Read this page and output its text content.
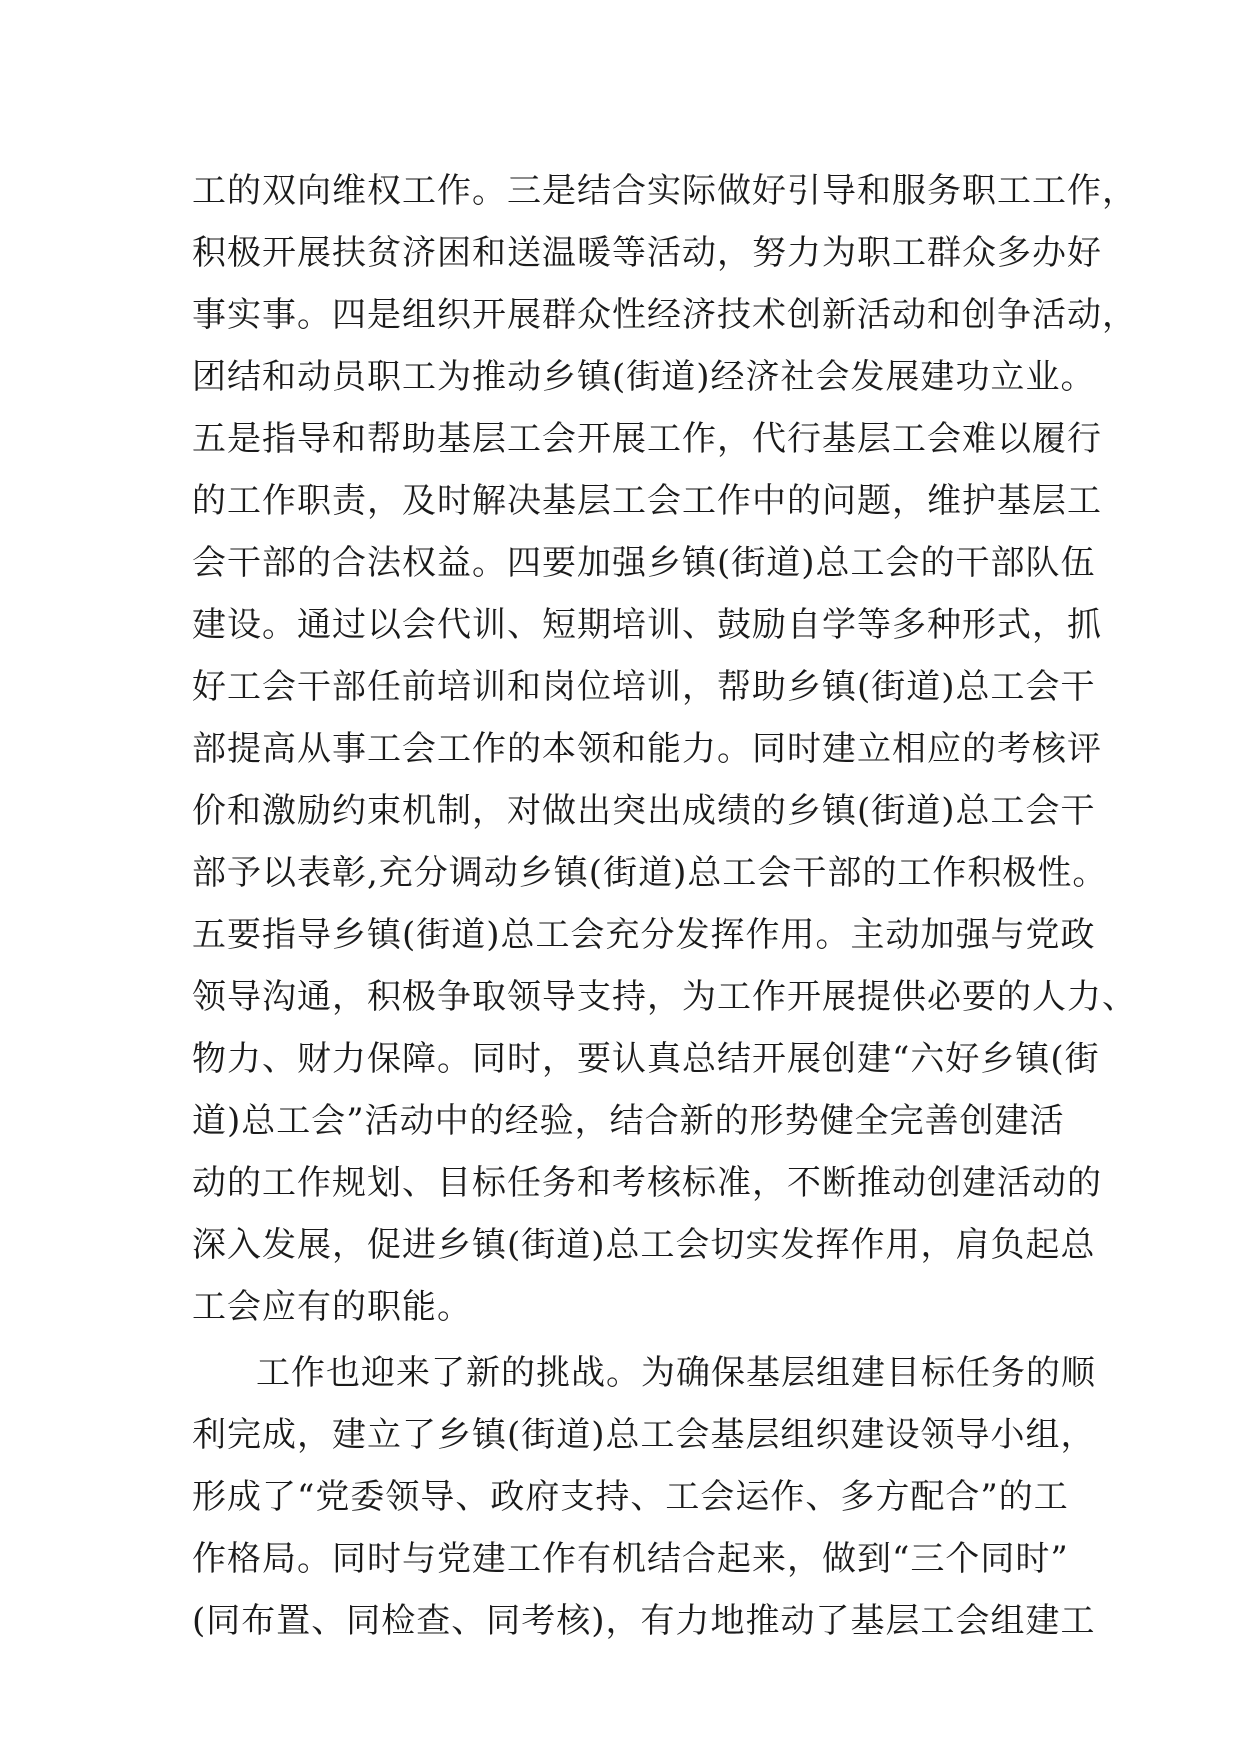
工的双向维权工作。三是结合实际做好引导和服务职工工作，
积极开展扶贫济困和送温暖等活动，努力为职工群众多办好
事实事。四是组织开展群众性经济技术创新活动和创争活动，
团结和动员职工为推动乡镇(街道)经济社会发展建功立业。
五是指导和帮助基层工会开展工作，代行基层工会难以履行
的工作职责，及时解决基层工会工作中的问题，维护基层工
会干部的合法权益。四要加强乡镇(街道)总工会的干部队伍
建设。通过以会代训、短期培训、鼓励自学等多种形式，抓
好工会干部任前培训和岗位培训，帮助乡镇(街道)总工会干
部提高从事工会工作的本领和能力。同时建立相应的考核评
价和激励约束机制，对做出突出成绩的乡镇(街道)总工会干
部予以表彰,充分调动乡镇(街道)总工会干部的工作积极性。
五要指导乡镇(街道)总工会充分发挥作用。主动加强与党政
领导沟通，积极争取领导支持，为工作开展提供必要的人力、
物力、财力保障。同时，要认真总结开展创建“六好乡镇(街
道)总工会”活动中的经验，结合新的形势健全完善创建活
动的工作规划、目标任务和考核标准，不断推动创建活动的
深入发展，促进乡镇(街道)总工会切实发挥作用，肩负起总
工会应有的职能。
工作也迎来了新的挑战。为确保基层组建目标任务的顺
利完成，建立了乡镇(街道)总工会基层组织建设领导小组，
形成了“党委领导、政府支持、工会运作、多方配合”的工
作格局。同时与党建工作有机结合起来，做到“三个同时”
(同布置、同检查、同考核)，有力地推动了基层工会组建工
